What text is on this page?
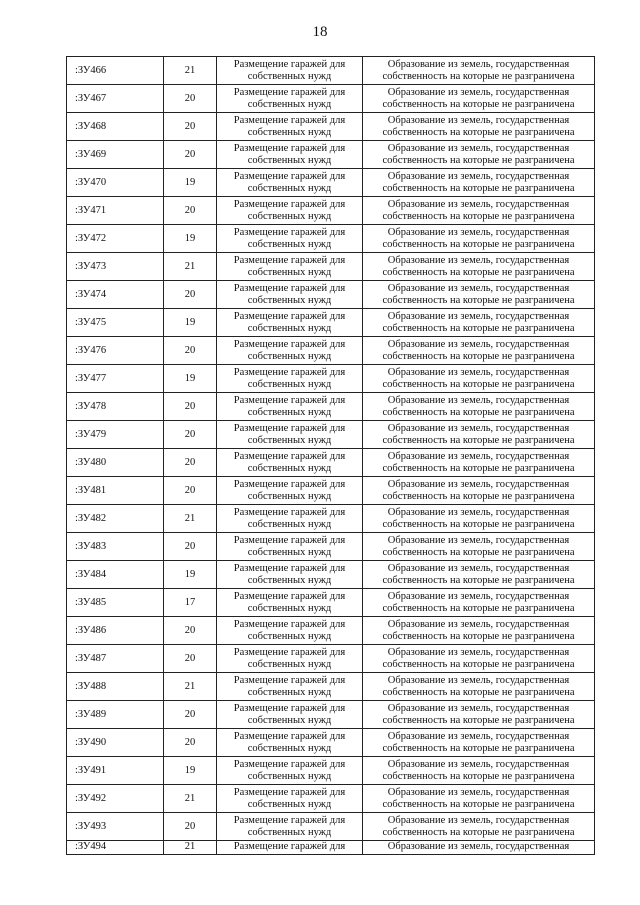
18
:ЗУ466	21	Размещение гаражей для
собственных нужд	Образование из земель, государственная
собственность на которые не разграничена

:ЗУ467	20	Размещение гаражей для
собственных нужд	Образование из земель, государственная
собственность на которые не разграничена

:ЗУ468	20	Размещение гаражей для
собственных нужд	Образование из земель, государственная
собственность на которые не разграничена

:ЗУ469	20	Размещение гаражей для
собственных нужд	Образование из земель, государственная
собственность на которые не разграничена

:ЗУ470	19	Размещение гаражей для
собственных нужд	Образование из земель, государственная
собственность на которые не разграничена

:ЗУ471	20	Размещение гаражей для
собственных нужд	Образование из земель, государственная
собственность на которые не разграничена

:ЗУ472	19	Размещение гаражей для
собственных нужд	Образование из земель, государственная
собственность на которые не разграничена

:ЗУ473	21	Размещение гаражей для
собственных нужд	Образование из земель, государственная
собственность на которые не разграничена

:ЗУ474	20	Размещение гаражей для
собственных нужд	Образование из земель, государственная
собственность на которые не разграничена

:ЗУ475	19	Размещение гаражей для
собственных нужд	Образование из земель, государственная
собственность на которые не разграничена

:ЗУ476	20	Размещение гаражей для
собственных нужд	Образование из земель, государственная
собственность на которые не разграничена

:ЗУ477	19	Размещение гаражей для
собственных нужд	Образование из земель, государственная
собственность на которые не разграничена

:ЗУ478	20	Размещение гаражей для
собственных нужд	Образование из земель, государственная
собственность на которые не разграничена

:ЗУ479	20	Размещение гаражей для
собственных нужд	Образование из земель, государственная
собственность на которые не разграничена

:ЗУ480	20	Размещение гаражей для
собственных нужд	Образование из земель, государственная
собственность на которые не разграничена

:ЗУ481	20	Размещение гаражей для
собственных нужд	Образование из земель, государственная
собственность на которые не разграничена

:ЗУ482	21	Размещение гаражей для
собственных нужд	Образование из земель, государственная
собственность на которые не разграничена

:ЗУ483	20	Размещение гаражей для
собственных нужд	Образование из земель, государственная
собственность на которые не разграничена

:ЗУ484	19	Размещение гаражей для
собственных нужд	Образование из земель, государственная
собственность на которые не разграничена

:ЗУ485	17	Размещение гаражей для
собственных нужд	Образование из земель, государственная
собственность на которые не разграничена

:ЗУ486	20	Размещение гаражей для
собственных нужд	Образование из земель, государственная
собственность на которые не разграничена

:ЗУ487	20	Размещение гаражей для
собственных нужд	Образование из земель, государственная
собственность на которые не разграничена

:ЗУ488	21	Размещение гаражей для
собственных нужд	Образование из земель, государственная
собственность на которые не разграничена

:ЗУ489	20	Размещение гаражей для
собственных нужд	Образование из земель, государственная
собственность на которые не разграничена

:ЗУ490	20	Размещение гаражей для
собственных нужд	Образование из земель, государственная
собственность на которые не разграничена

:ЗУ491	19	Размещение гаражей для
собственных нужд	Образование из земель, государственная
собственность на которые не разграничена

:ЗУ492	21	Размещение гаражей для
собственных нужд	Образование из земель, государственная
собственность на которые не разграничена

:ЗУ493	20	Размещение гаражей для
собственных нужд	Образование из земель, государственная
собственность на которые не разграничена

:ЗУ494	21	Размещение гаражей для	Образование из земель, государственная
